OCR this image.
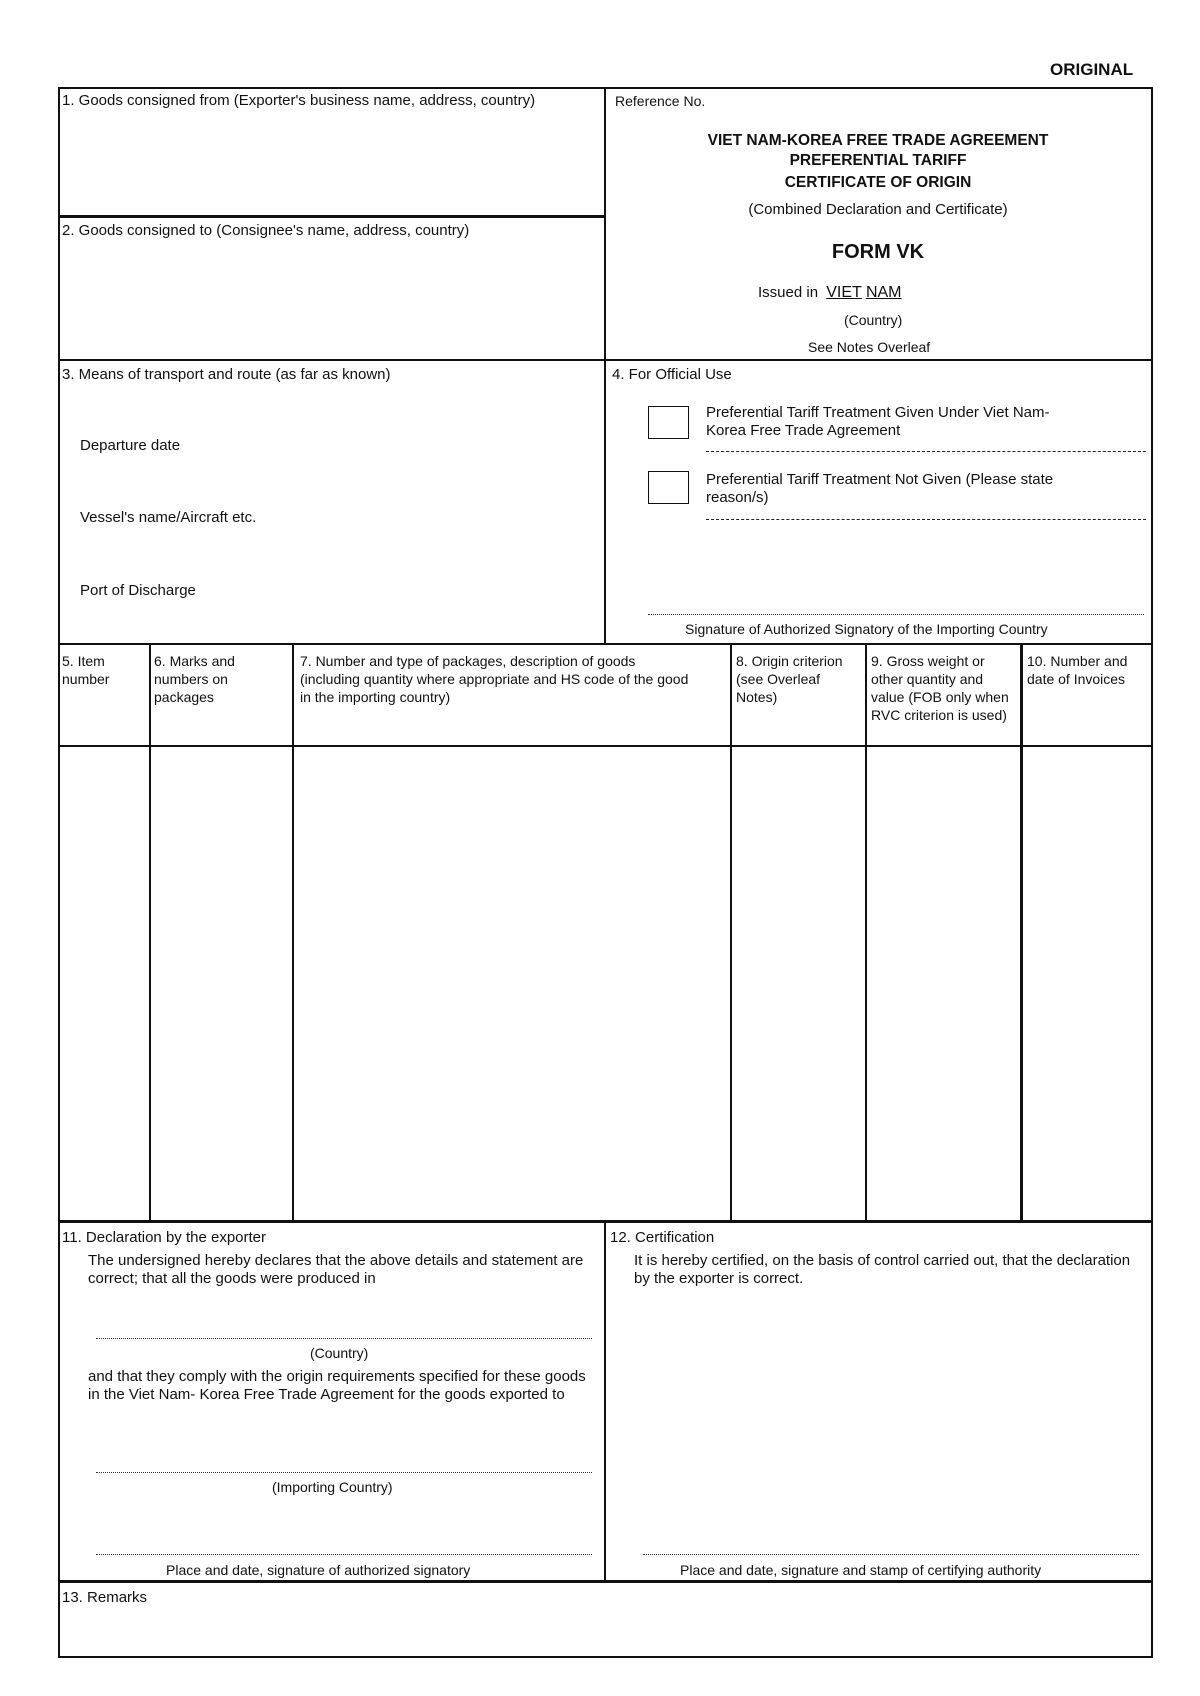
ORIGINAL
1. Goods consigned from (Exporter's business name, address, country)
2. Goods consigned to (Consignee's name, address, country)
Reference No.
VIET NAM-KOREA FREE TRADE AGREEMENT
PREFERENTIAL TARIFF
CERTIFICATE OF ORIGIN
(Combined Declaration and Certificate)
FORM VK
Issued in VIET NAM
(Country)
See Notes Overleaf
3. Means of transport and route (as far as known)
Departure date
Vessel's name/Aircraft etc.
Port of Discharge
4. For Official Use
Preferential Tariff Treatment Given Under Viet Nam-Korea Free Trade Agreement
Preferential Tariff Treatment Not Given (Please state reason/s)
Signature of Authorized Signatory of the Importing Country
5. Item number
6. Marks and numbers on packages
7. Number and type of packages, description of goods (including quantity where appropriate and HS code of the good in the importing country)
8. Origin criterion (see Overleaf Notes)
9. Gross weight or other quantity and value (FOB only when RVC criterion is used)
10. Number and date of Invoices
11. Declaration by the exporter
The undersigned hereby declares that the above details and statement are correct; that all the goods were produced in
(Country)
and that they comply with the origin requirements specified for these goods in the Viet Nam- Korea Free Trade Agreement for the goods exported to
(Importing Country)
Place and date, signature of authorized signatory
12. Certification
It is hereby certified, on the basis of control carried out, that the declaration by the exporter is correct.
Place and date, signature and stamp of certifying authority
13. Remarks
